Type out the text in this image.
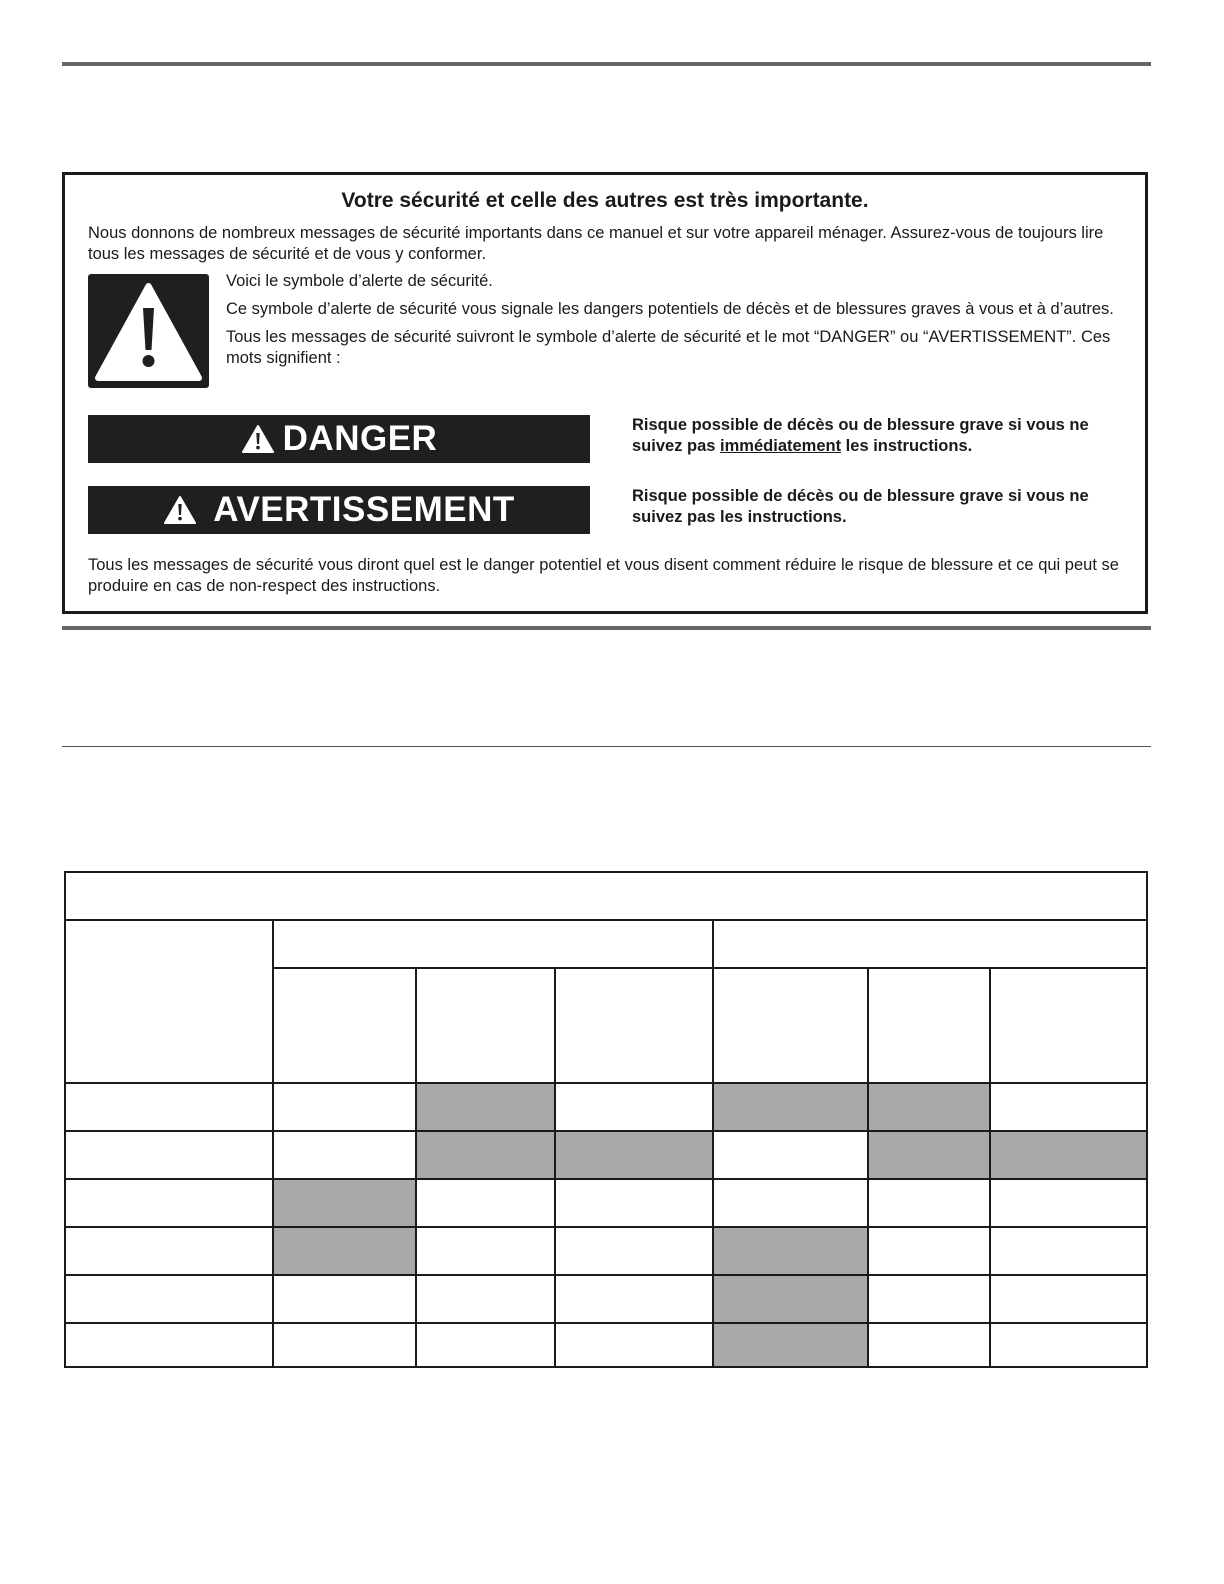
Votre sécurité et celle des autres est très importante.

Nous donnons de nombreux messages de sécurité importants dans ce manuel et sur votre appareil ménager. Assurez-vous de toujours lire tous les messages de sécurité et de vous y conformer.

Voici le symbole d’alerte de sécurité.

Ce symbole d’alerte de sécurité vous signale les dangers potentiels de décès et de blessures graves à vous et à d’autres.

Tous les messages de sécurité suivront le symbole d’alerte de sécurité et le mot “DANGER” ou “AVERTISSEMENT”. Ces mots signifient :

DANGER	Risque possible de décès ou de blessure grave si vous ne suivez pas immédiatement les instructions.

AVERTISSEMENT	Risque possible de décès ou de blessure grave si vous ne suivez pas les instructions.

Tous les messages de sécurité vous diront quel est le danger potentiel et vous disent comment réduire le risque de blessure et ce qui peut se produire en cas de non-respect des instructions.
